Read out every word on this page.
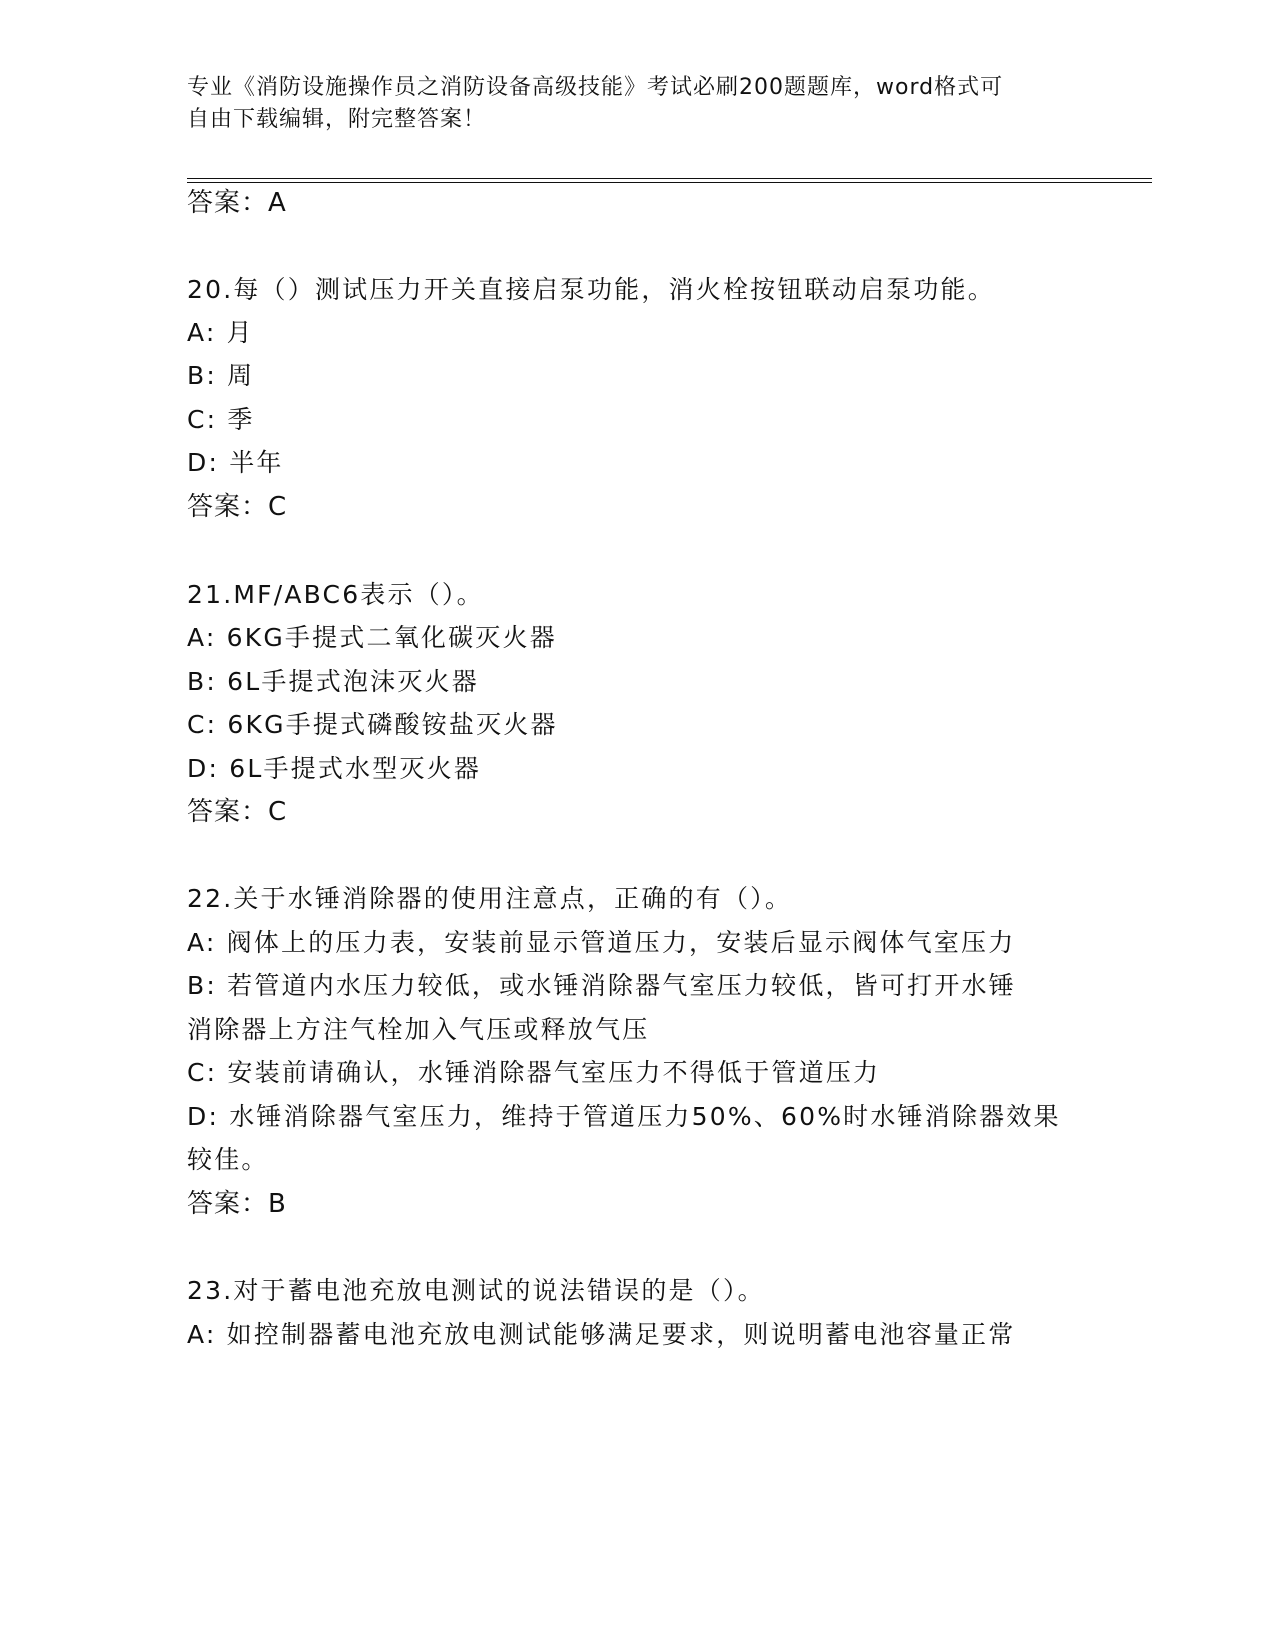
专业《消防设施操作员之消防设备高级技能》考试必刷200题题库，word格式可
自由下载编辑，附完整答案！
答案：A
20.每（）测试压力开关直接启泵功能，消火栓按钮联动启泵功能。
A: 月
B: 周
C: 季
D: 半年
答案：C
21.MF/ABC6表示（）。
A: 6KG手提式二氧化碳灭火器
B: 6L手提式泡沫灭火器
C: 6KG手提式磷酸铵盐灭火器
D: 6L手提式水型灭火器
答案：C
22.关于水锤消除器的使用注意点，正确的有（）。
A: 阀体上的压力表，安装前显示管道压力，安装后显示阀体气室压力
B: 若管道内水压力较低，或水锤消除器气室压力较低，皆可打开水锤
消除器上方注气栓加入气压或释放气压
C: 安装前请确认，水锤消除器气室压力不得低于管道压力
D: 水锤消除器气室压力，维持于管道压力50%、60%时水锤消除器效果
较佳。
答案：B
23.对于蓄电池充放电测试的说法错误的是（）。
A: 如控制器蓄电池充放电测试能够满足要求，则说明蓄电池容量正常
